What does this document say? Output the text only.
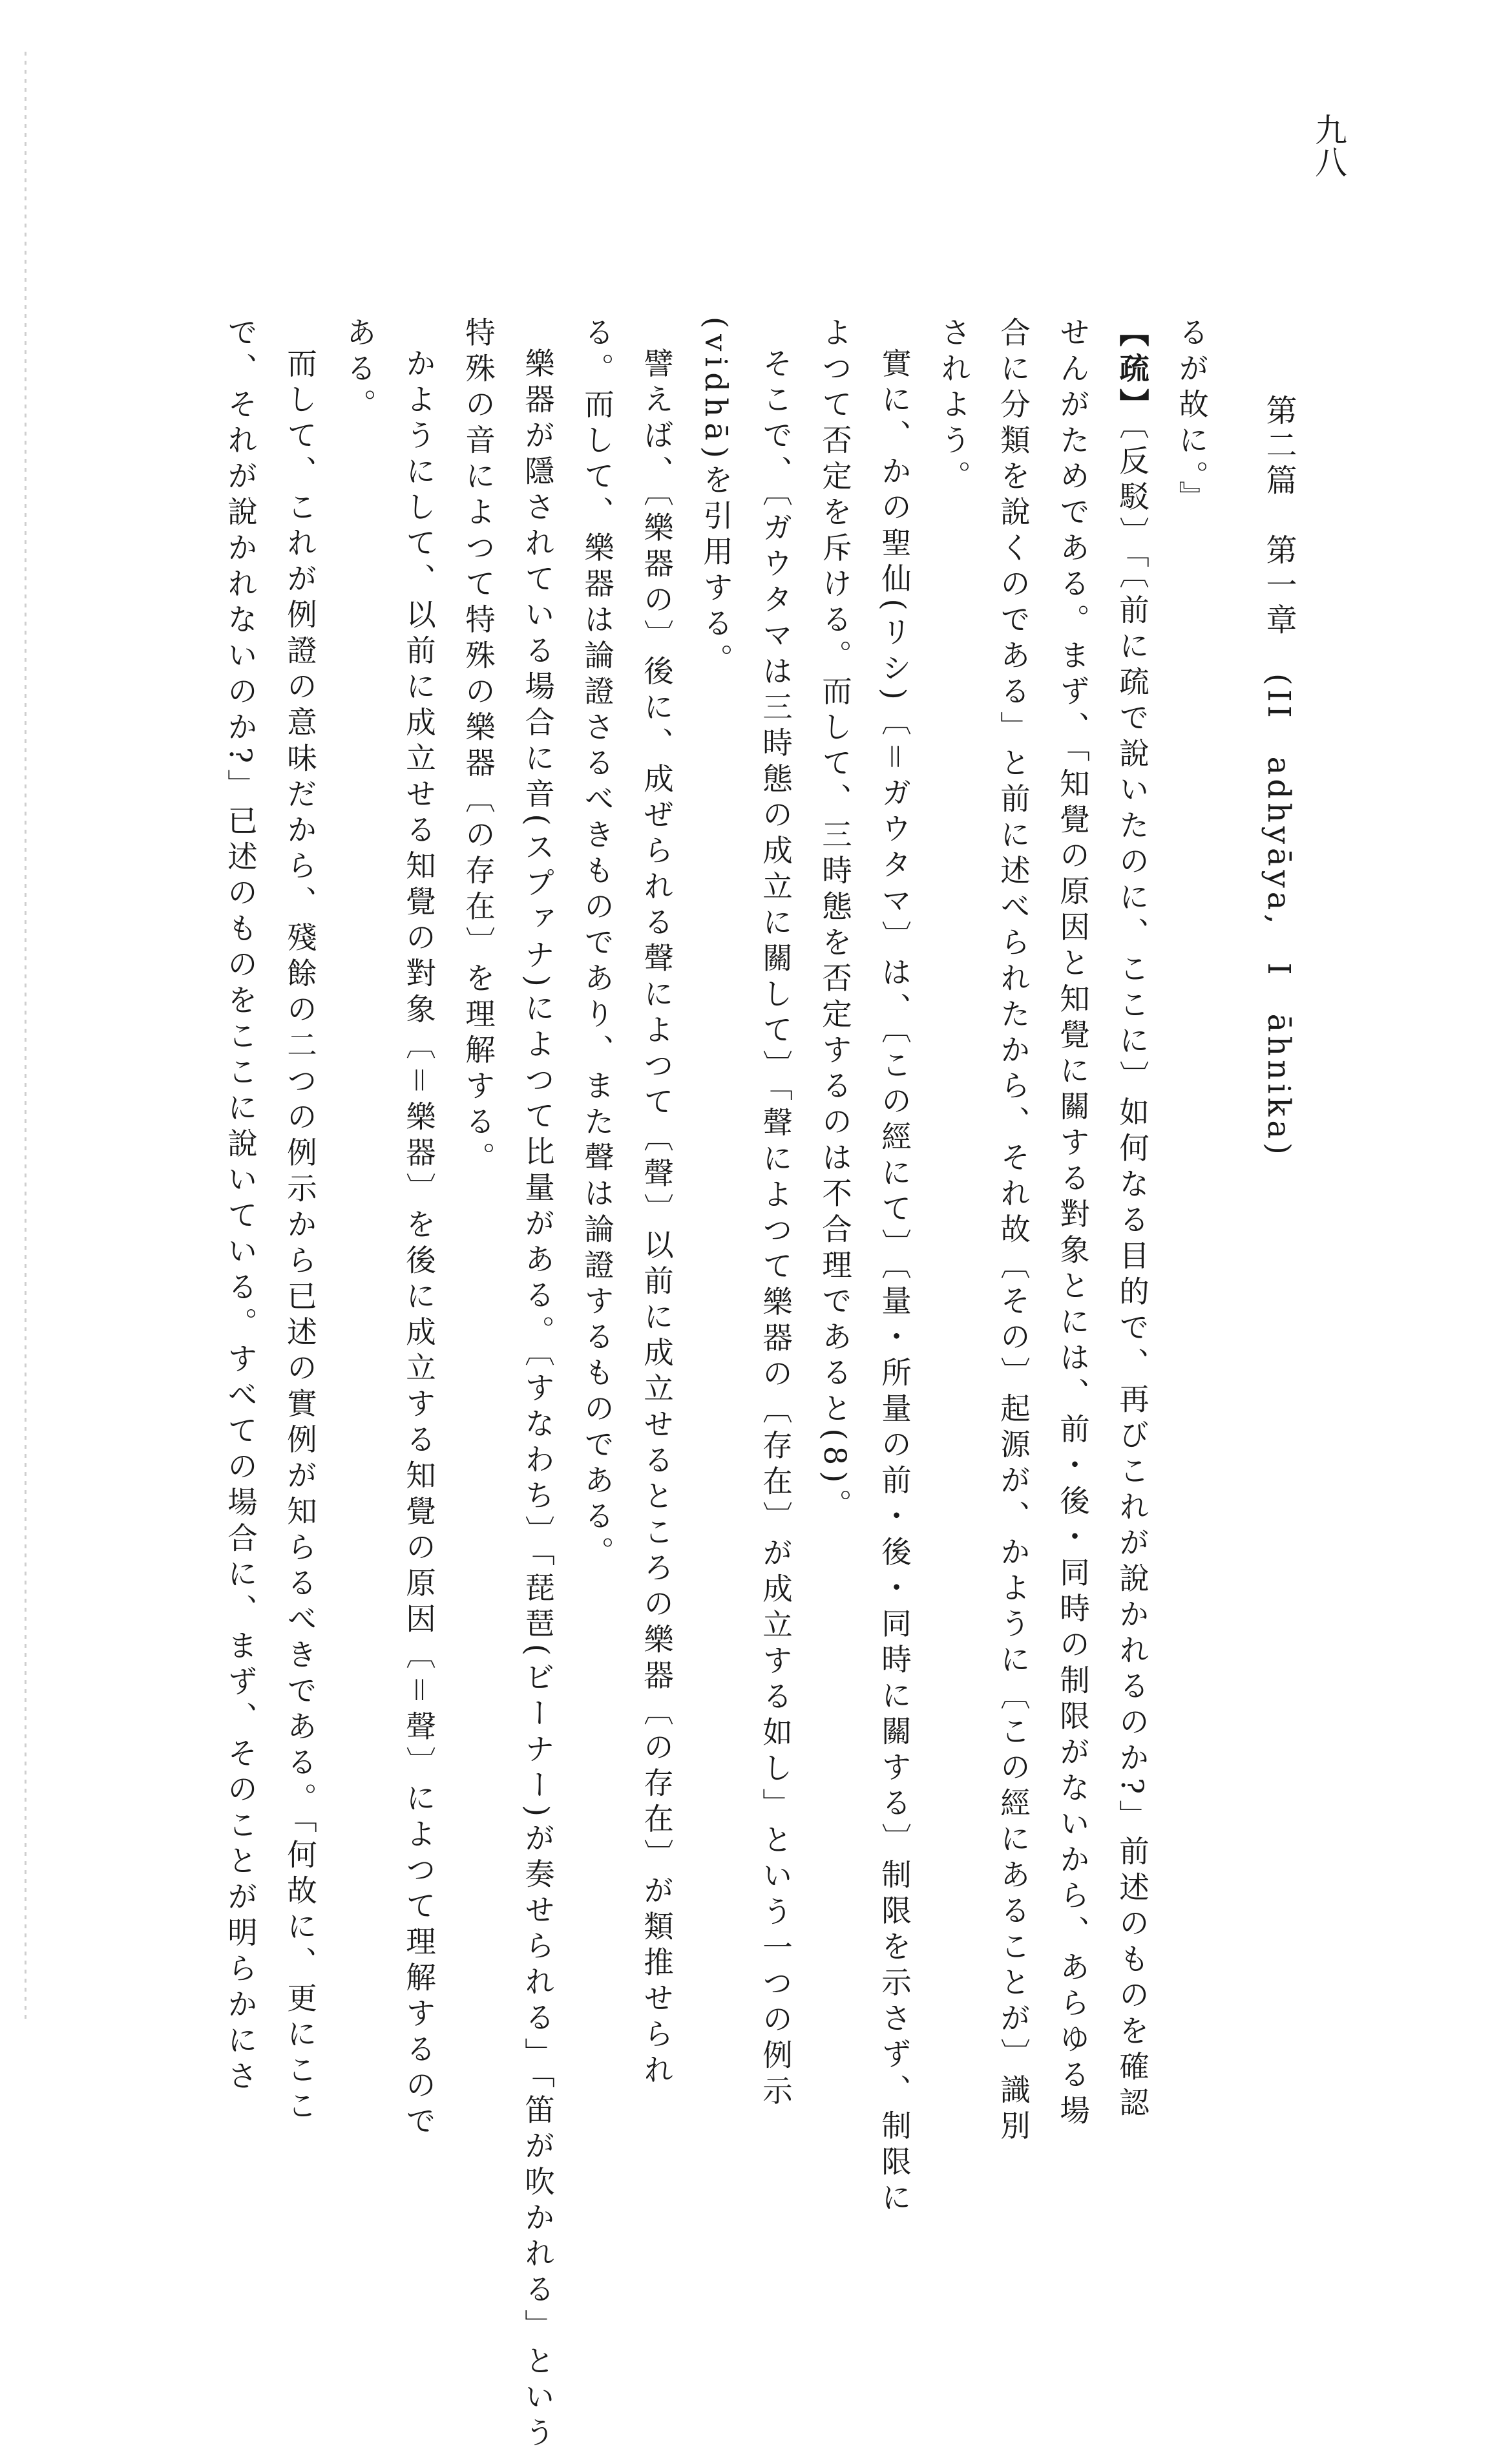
九八
第二篇　第一章　(II　adhyāya,　I　āhnika)
るが故に。』
【疏】〔反駁〕「〔前に疏で說いたのに、ここに〕如何なる目的で、再びこれが說かれるのか?」前述のものを確認
せんがためである。まず、「知覺の原因と知覺に關する對象とには、前・後・同時の制限がないから、あらゆる場
合に分類を說くのである」と前に述べられたから、それ故〔その〕起源が、かように〔この經にあることが〕識別
されよう。
實に、かの聖仙(リシ)〔＝ガウタマ〕は、〔この經にて〕〔量・所量の前・後・同時に關する〕制限を示さず、制限に
よつて否定を斥ける。而して、三時態を否定するのは不合理であると(8)。
そこで、〔ガウタマは三時態の成立に關して〕「聲によつて樂器の〔存在〕が成立する如し」という一つの例示
(vidhā)を引用する。
譬えば、〔樂器の〕後に、成ぜられる聲によつて〔聲〕以前に成立せるところの樂器〔の存在〕が類推せられ
る。而して、樂器は論證さるべきものであり、また聲は論證するものである。
樂器が隱されている場合に音(スプァナ)によつて比量がある。〔すなわち〕「琵琶(ビーナー)が奏せられる」「笛が吹かれる」という
特殊の音によつて特殊の樂器〔の存在〕を理解する。
かようにして、以前に成立せる知覺の對象〔＝樂器〕を後に成立する知覺の原因〔＝聲〕によつて理解するので
ある。
而して、これが例證の意味だから、殘餘の二つの例示から已述の實例が知らるべきである。「何故に、更にここ
で、それが說かれないのか?」已述のものをここに說いている。すべての場合に、まず、そのことが明らかにさ
